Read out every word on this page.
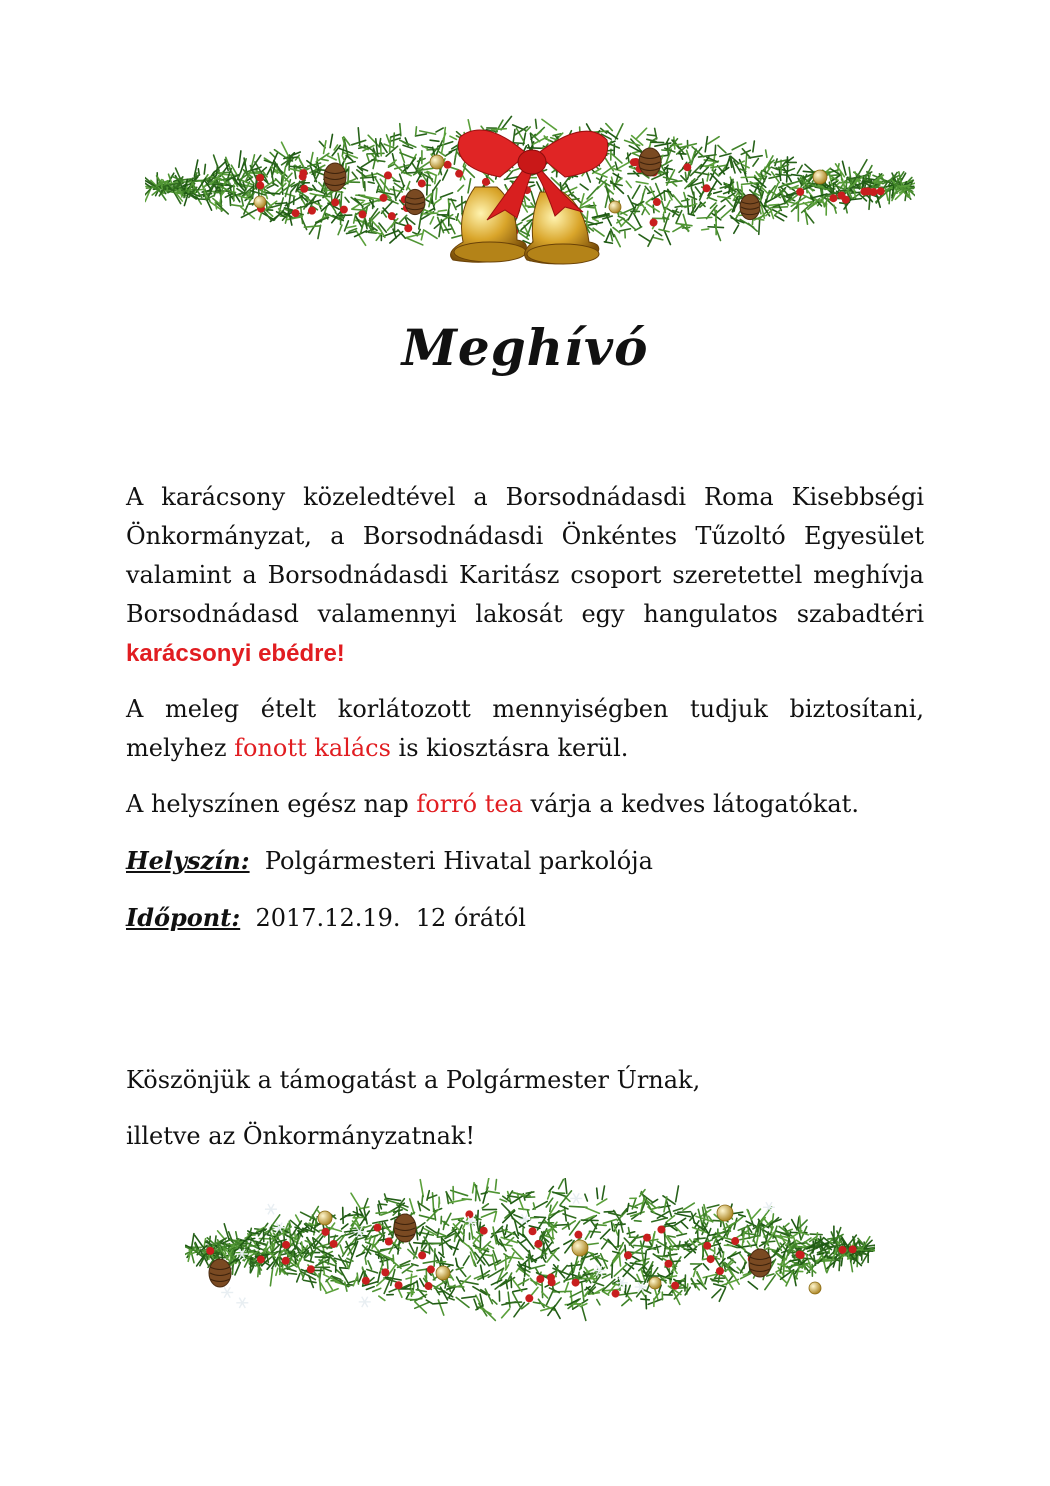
Meghívó

A karácsony közeledtével a Borsodnádasdi Roma Kisebbségi Önkormányzat, a Borsodnádasdi Önkéntes Tűzoltó Egyesület valamint a Borsodnádasdi Karitász csoport szeretettel meghívja Borsodnádasd valamennyi lakosát egy hangulatos szabadtéri karácsonyi ebédre!

A meleg ételt korlátozott mennyiségben tudjuk biztosítani, melyhez fonott kalács is kiosztásra kerül.

A helyszínen egész nap forró tea várja a kedves látogatókat.

Helyszín: Polgármesteri Hivatal parkolója

Időpont: 2017.12.19.  12 órától

Köszönjük a támogatást a Polgármester Úrnak,

illetve az Önkormányzatnak!
